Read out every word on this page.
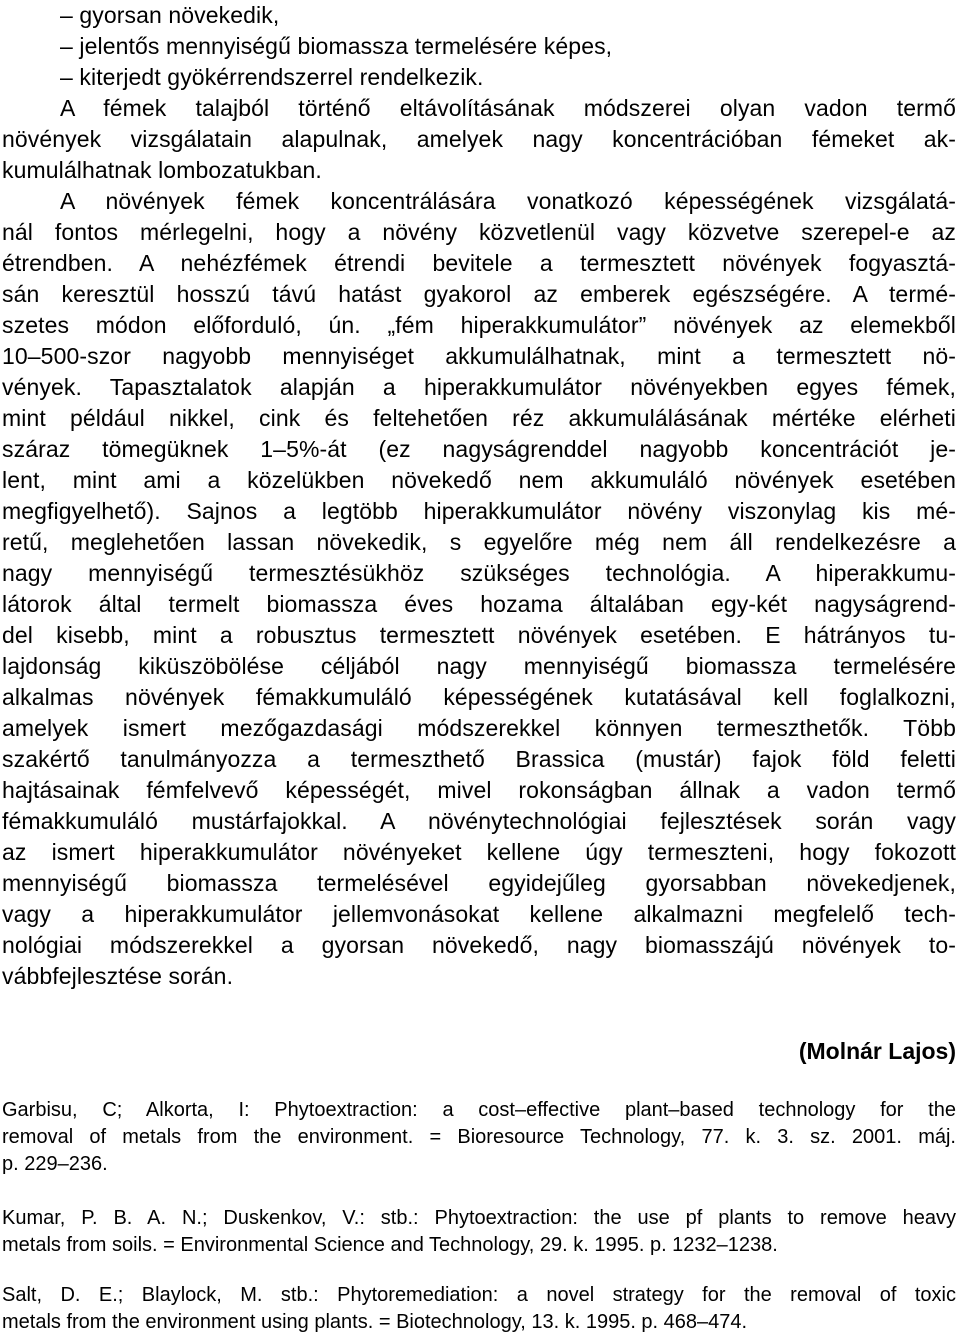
– gyorsan növekedik,
– jelentős mennyiségű biomassza termelésére képes,
– kiterjedt gyökérrendszerrel rendelkezik.
A fémek talajból történő eltávolításának módszerei olyan vadon termő
növények vizsgálatain alapulnak, amelyek nagy koncentrációban fémeket ak-
kumulálhatnak lombozatukban.
A növények fémek koncentrálására vonatkozó képességének vizsgálatá-
nál fontos mérlegelni, hogy a növény közvetlenül vagy közvetve szerepel-e az
étrendben. A nehézfémek étrendi bevitele a termesztett növények fogyasztá-
sán keresztül hosszú távú hatást gyakorol az emberek egészségére. A termé-
szetes módon előforduló, ún. „fém hiperakkumulátor” növények az elemekből
10–500-szor nagyobb mennyiséget akkumulálhatnak, mint a termesztett nö-
vények. Tapasztalatok alapján a hiperakkumulátor növényekben egyes fémek,
mint például nikkel, cink és feltehetően réz akkumulálásának mértéke elérheti
száraz tömegüknek 1–5%-át (ez nagyságrenddel nagyobb koncentrációt je-
lent, mint ami a közelükben növekedő nem akkumuláló növények esetében
megfigyelhető). Sajnos a legtöbb hiperakkumulátor növény viszonylag kis mé-
retű, meglehetően lassan növekedik, s egyelőre még nem áll rendelkezésre a
nagy mennyiségű termesztésükhöz szükséges technológia. A hiperakkumu-
látorok által termelt biomassza éves hozama általában egy-két nagyságrend-
del kisebb, mint a robusztus termesztett növények esetében. E hátrányos tu-
lajdonság kiküszöbölése céljából nagy mennyiségű biomassza termelésére
alkalmas növények fémakkumuláló képességének kutatásával kell foglalkozni,
amelyek ismert mezőgazdasági módszerekkel könnyen termeszthetők. Több
szakértő tanulmányozza a termeszthető Brassica (mustár) fajok föld feletti
hajtásainak fémfelvevő képességét, mivel rokonságban állnak a vadon termő
fémakkumuláló mustárfajokkal. A növénytechnológiai fejlesztések során vagy
az ismert hiperakkumulátor növényeket kellene úgy termeszteni, hogy fokozott
mennyiségű biomassza termelésével egyidejűleg gyorsabban növekedjenek,
vagy a hiperakkumulátor jellemvonásokat kellene alkalmazni megfelelő tech-
nológiai módszerekkel a gyorsan növekedő, nagy biomasszájú növények to-
vábbfejlesztése során.
(Molnár Lajos)
Garbisu, C; Alkorta, I: Phytoextraction: a cost–effective plant–based technology for the
removal of metals from the environment. = Bioresource Technology, 77. k. 3. sz. 2001. máj.
p. 229–236.
Kumar, P. B. A. N.; Duskenkov, V.: stb.: Phytoextraction: the use pf plants to remove heavy
metals from soils. = Environmental Science and Technology, 29. k. 1995. p. 1232–1238.
Salt, D. E.; Blaylock, M. stb.: Phytoremediation: a novel strategy for the removal of toxic
metals from the environment using plants. = Biotechnology, 13. k. 1995. p. 468–474.
